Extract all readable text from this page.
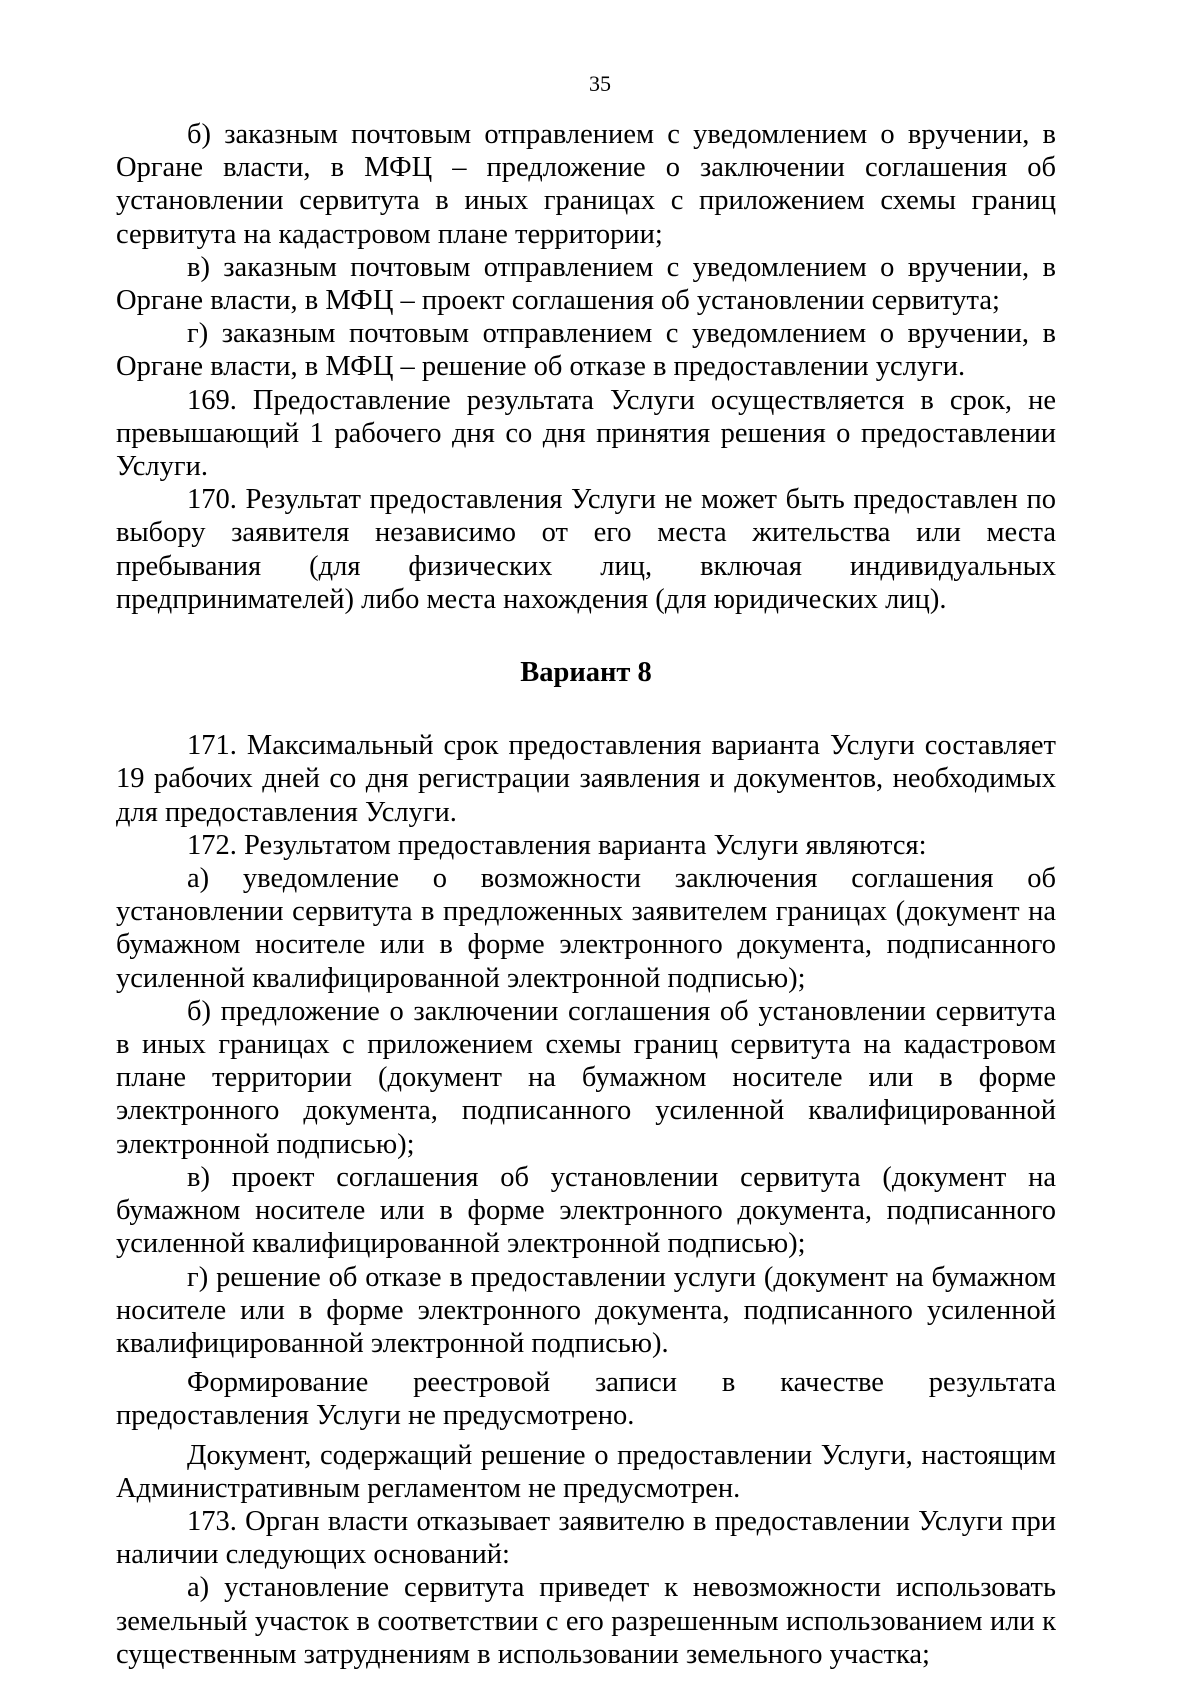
35

б) заказным почтовым отправлением с уведомлением о вручении, в Органе власти, в МФЦ – предложение о заключении соглашения об установлении сервитута в иных границах с приложением схемы границ сервитута на кадастровом плане территории;

в) заказным почтовым отправлением с уведомлением о вручении, в Органе власти, в МФЦ – проект соглашения об установлении сервитута;

г) заказным почтовым отправлением с уведомлением о вручении, в Органе власти, в МФЦ – решение об отказе в предоставлении услуги.

169. Предоставление результата Услуги осуществляется в срок, не превышающий 1 рабочего дня со дня принятия решения о предоставлении Услуги.

170. Результат предоставления Услуги не может быть предоставлен по выбору заявителя независимо от его места жительства или места пребывания (для физических лиц, включая индивидуальных предпринимателей) либо места нахождения (для юридических лиц).

Вариант 8

171. Максимальный срок предоставления варианта Услуги составляет 19 рабочих дней со дня регистрации заявления и документов, необходимых для предоставления Услуги.

172. Результатом предоставления варианта Услуги являются:

а) уведомление о возможности заключения соглашения об установлении сервитута в предложенных заявителем границах (документ на бумажном носителе или в форме электронного документа, подписанного усиленной квалифицированной электронной подписью);

б) предложение о заключении соглашения об установлении сервитута в иных границах с приложением схемы границ сервитута на кадастровом плане территории (документ на бумажном носителе или в форме электронного документа, подписанного усиленной квалифицированной электронной подписью);

в) проект соглашения об установлении сервитута (документ на бумажном носителе или в форме электронного документа, подписанного усиленной квалифицированной электронной подписью);

г) решение об отказе в предоставлении услуги (документ на бумажном носителе или в форме электронного документа, подписанного усиленной квалифицированной электронной подписью).

Формирование реестровой записи в качестве результата предоставления Услуги не предусмотрено.

Документ, содержащий решение о предоставлении Услуги, настоящим Административным регламентом не предусмотрен.

173. Орган власти отказывает заявителю в предоставлении Услуги при наличии следующих оснований:

а) установление сервитута приведет к невозможности использовать земельный участок в соответствии с его разрешенным использованием или к существенным затруднениям в использовании земельного участка;
